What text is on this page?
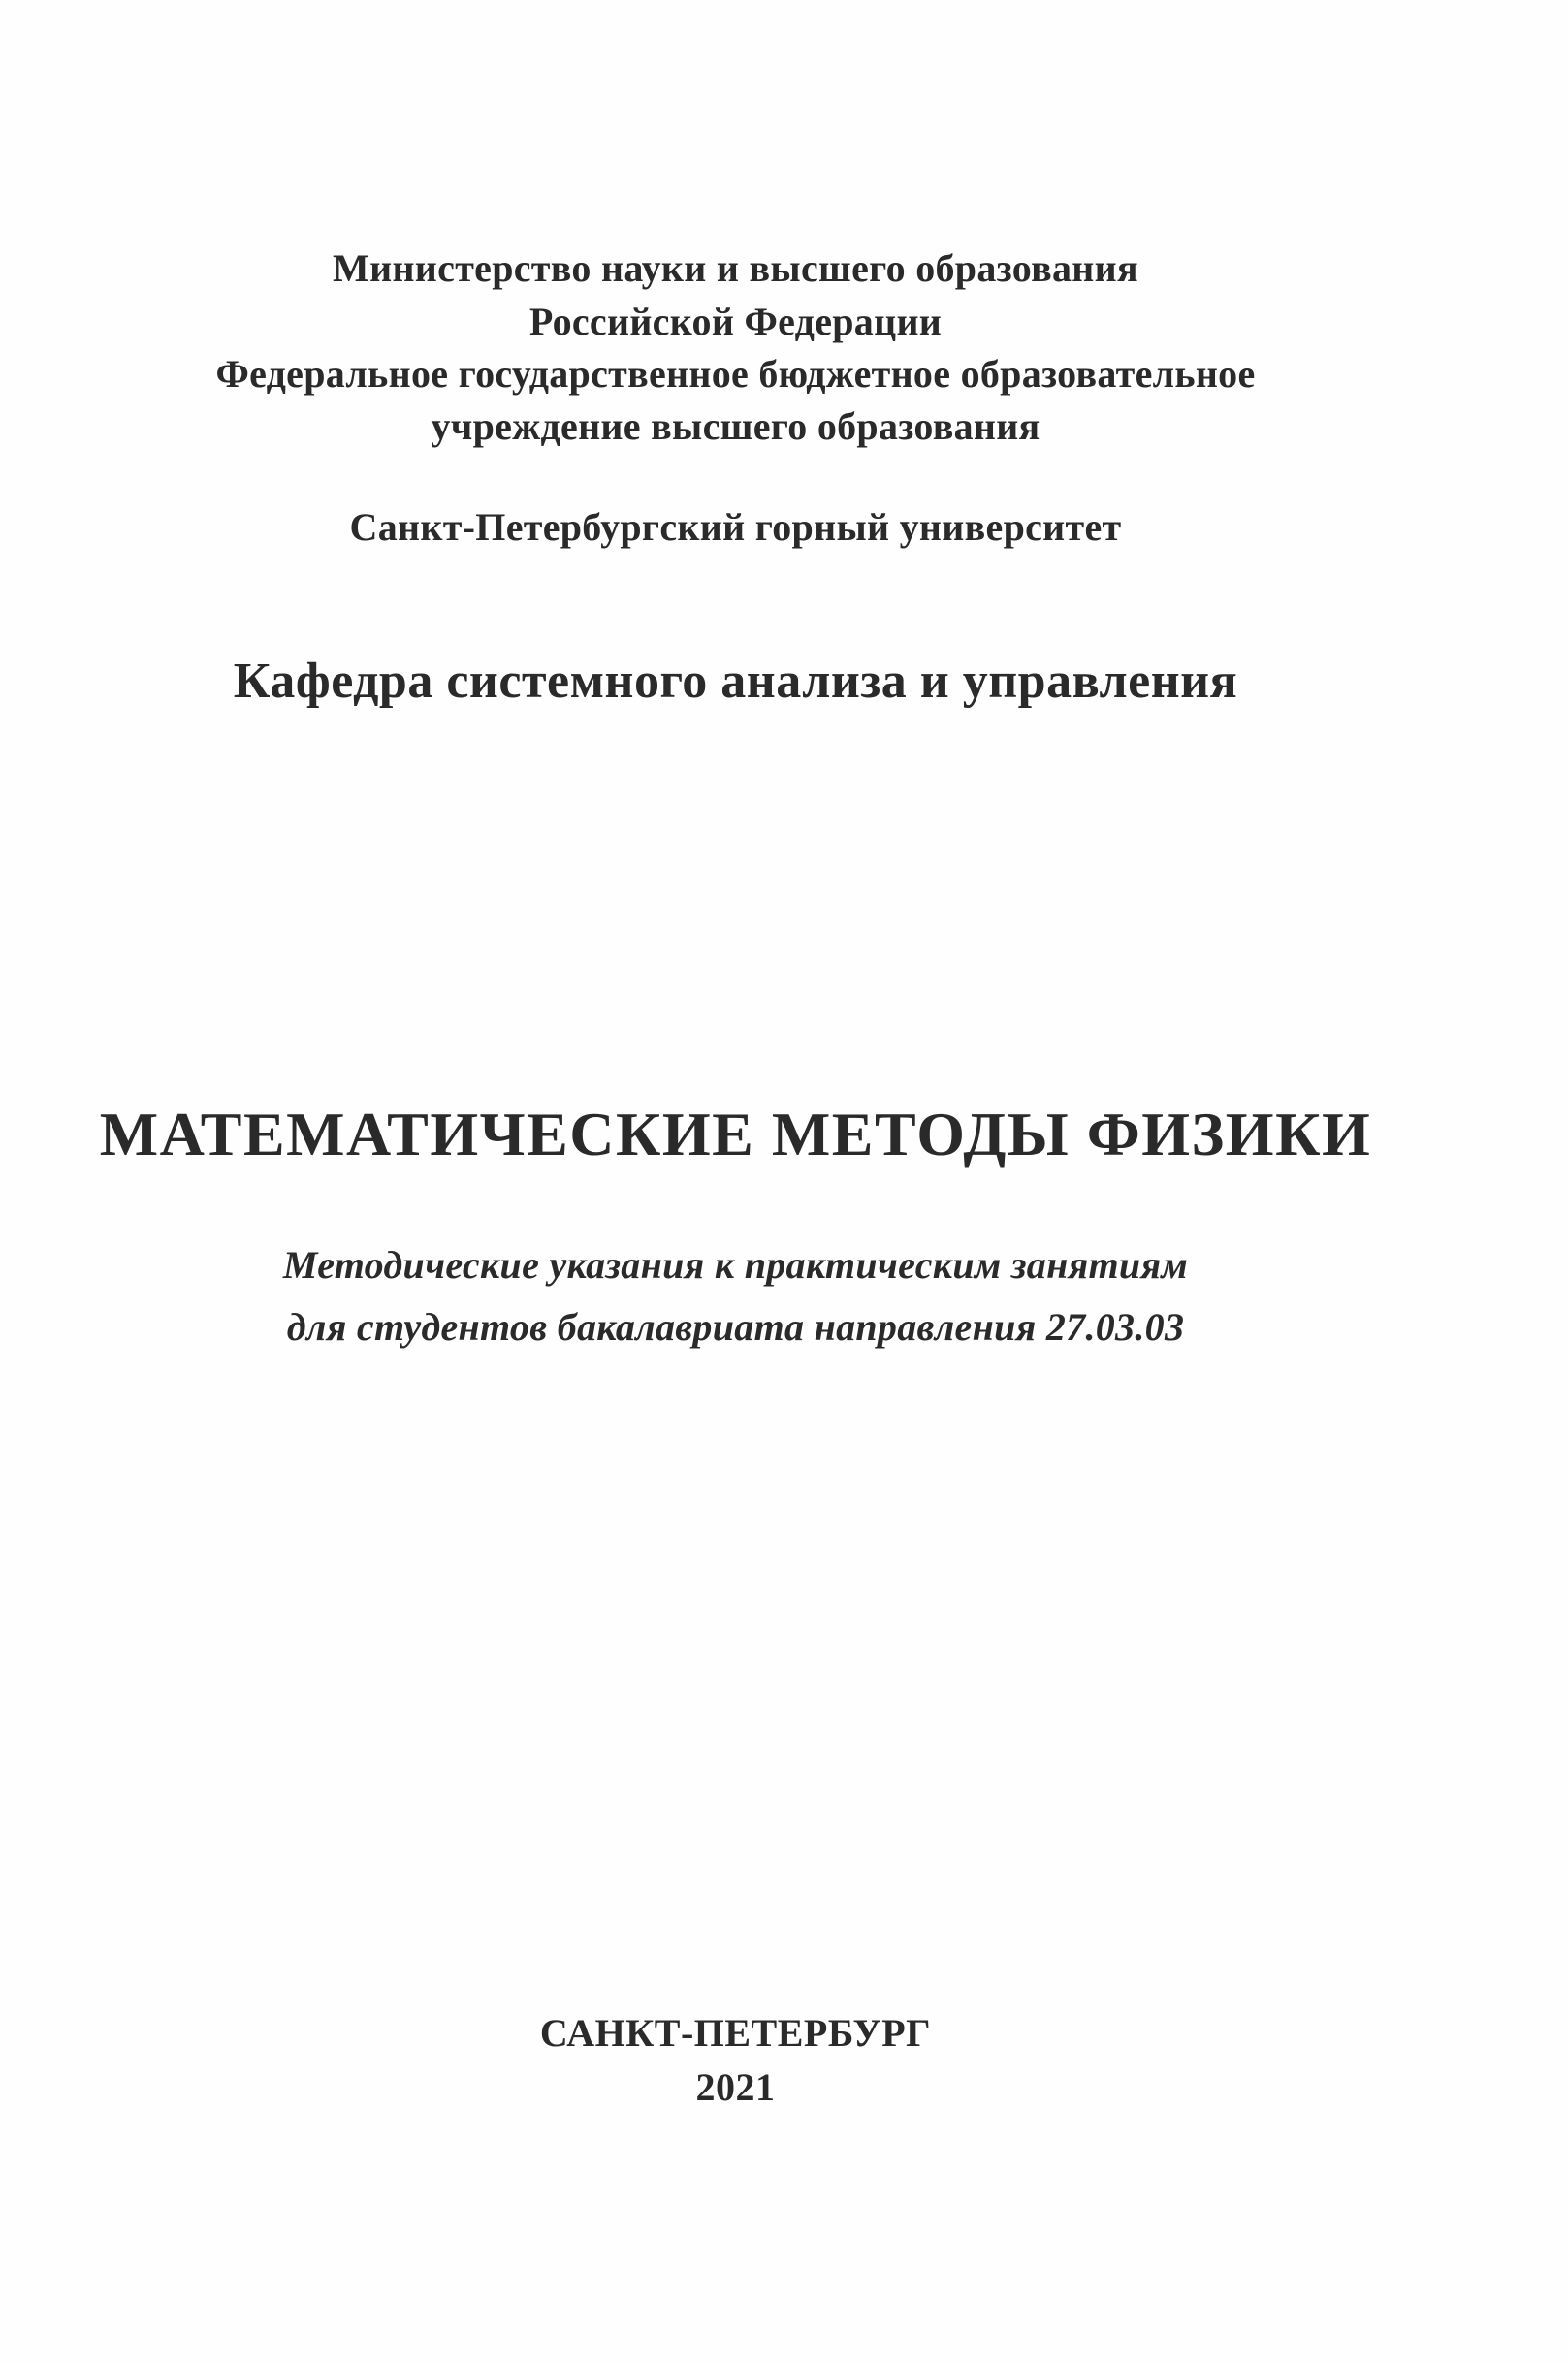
Министерство науки и высшего образования
Российской Федерации
Федеральное государственное бюджетное образовательное
учреждение высшего образования
Санкт-Петербургский горный университет
Кафедра системного анализа и управления
МАТЕМАТИЧЕСКИЕ МЕТОДЫ ФИЗИКИ
Методические указания к практическим занятиям
для студентов бакалавриата направления 27.03.03
САНКТ-ПЕТЕРБУРГ
2021
